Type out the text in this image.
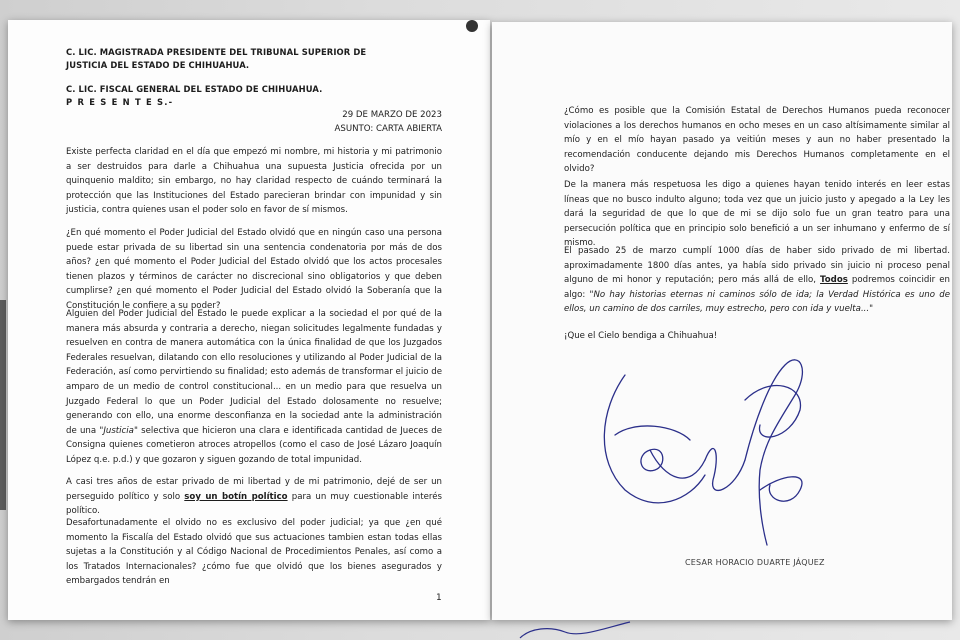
C. LIC. MAGISTRADA PRESIDENTE DEL TRIBUNAL SUPERIOR DE
JUSTICIA DEL ESTADO DE CHIHUAHUA.
C. LIC. FISCAL GENERAL DEL ESTADO DE CHIHUAHUA.
P R E S E N T E S.-
29 DE MARZO DE 2023
ASUNTO: CARTA ABIERTA
Existe perfecta claridad en el día que empezó mi nombre, mi historia y mi patrimonio a ser destruidos para darle a Chihuahua una supuesta Justicia ofrecida por un quinquenio maldito; sin embargo, no hay claridad respecto de cuándo terminará la protección que las Instituciones del Estado parecieran brindar con impunidad y sin justicia, contra quienes usan el poder solo en favor de sí mismos.
¿En qué momento el Poder Judicial del Estado olvidó que en ningún caso una persona puede estar privada de su libertad sin una sentencia condenatoria por más de dos años? ¿en qué momento el Poder Judicial del Estado olvidó que los actos procesales tienen plazos y términos de carácter no discrecional sino obligatorios y que deben cumplirse? ¿en qué momento el Poder Judicial del Estado olvidó la Soberanía que la Constitución le confiere a su poder?
Alguien del Poder Judicial del Estado le puede explicar a la sociedad el por qué de la manera más absurda y contraria a derecho, niegan solicitudes legalmente fundadas y resuelven en contra de manera automática con la única finalidad de que los Juzgados Federales resuelvan, dilatando con ello resoluciones y utilizando al Poder Judicial de la Federación, así como pervirtiendo su finalidad; esto además de transformar el juicio de amparo de un medio de control constitucional... en un medio para que resuelva un Juzgado Federal lo que un Poder Judicial del Estado dolosamente no resuelve; generando con ello, una enorme desconfianza en la sociedad ante la administración de una "Justicia" selectiva que hicieron una clara e identificada cantidad de Jueces de Consigna quienes cometieron atroces atropellos (como el caso de José Lázaro Joaquín López q.e. p.d.) y que gozaron y siguen gozando de total impunidad.
A casi tres años de estar privado de mi libertad y de mi patrimonio, dejé de ser un perseguido político y solo soy un botín político para un muy cuestionable interés político.
Desafortunadamente el olvido no es exclusivo del poder judicial; ya que ¿en qué momento la Fiscalía del Estado olvidó que sus actuaciones tambien estan todas ellas sujetas a la Constitución y al Código Nacional de Procedimientos Penales, así como a los Tratados Internacionales? ¿cómo fue que olvidó que los bienes asegurados y embargados tendrán en
1
¿Cómo es posible que la Comisión Estatal de Derechos Humanos pueda reconocer violaciones a los derechos humanos en ocho meses en un caso altísimamente similar al mío y en el mío hayan pasado ya veitiún meses y aun no haber presentado la recomendación conducente dejando mis Derechos Humanos completamente en el olvido?
De la manera más respetuosa les digo a quienes hayan tenido interés en leer estas líneas que no busco indulto alguno; toda vez que un juicio justo y apegado a la Ley les dará la seguridad de que lo que de mi se dijo solo fue un gran teatro para una persecución política que en principio solo benefició a un ser inhumano y enfermo de sí mismo.
El pasado 25 de marzo cumplí 1000 días de haber sido privado de mi libertad. aproximadamente 1800 días antes, ya había sido privado sin juicio ni proceso penal alguno de mi honor y reputación; pero más allá de ello, Todos podremos coincidir en algo: "No hay historias eternas ni caminos sólo de ida; la Verdad Histórica es uno de ellos, un camino de dos carriles, muy estrecho, pero con ida y vuelta..."
¡Que el Cielo bendiga a Chihuahua!
CESAR HORACIO DUARTE JÁQUEZ
